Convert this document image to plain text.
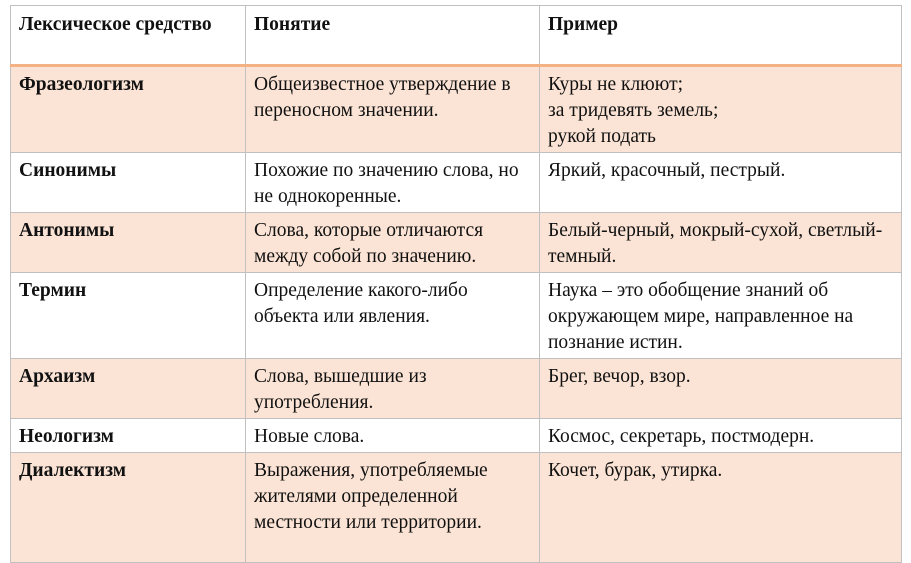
Лексическое средство	Понятие	Пример
Фразеологизм	Общеизвестное утверждение в переносном значении.	Куры не клюют;
за тридевять земель;
рукой подать

Синонимы	Похожие по значению слова, но не однокоренные.	Яркий, красочный, пестрый.
Антонимы	Слова, которые отличаются между собой по значению.	Белый-черный, мокрый-сухой, светлый-темный.
Термин	Определение какого-либо объекта или явления.	Наука – это обобщение знаний об окружающем мире, направленное на познание истин.
Архаизм	Слова, вышедшие из употребления.	Брег, вечор, взор.
Неологизм	Новые слова.	Космос, секретарь, постмодерн.
Диалектизм	Выражения, употребляемые жителями определенной местности или территории.	Кочет, бурак, утирка.
